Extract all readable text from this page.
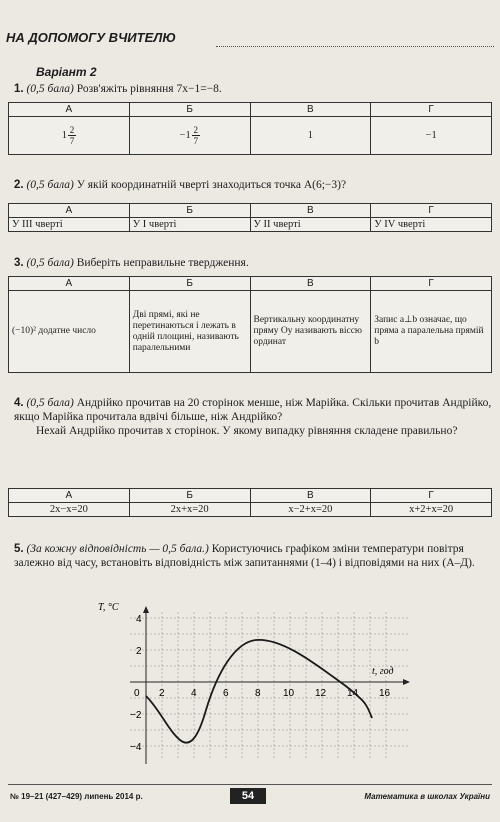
НА ДОПОМОГУ ВЧИТЕЛЮ
Варіант 2
1. (0,5 бала) Розв'яжіть рівняння 7x−1=−8.
А	Б	В	Г

$1 \frac{2}{7}$	$-1 \frac{2}{7}$	1	−1
2. (0,5 бала) У якій координатній чверті знаходиться точка A(6;−3)?
А	Б	В	Г
У III чверті	У I чверті	У II чверті	У IV чверті
3. (0,5 бала) Виберіть неправильне твердження.
А	Б	В	Г
(−10)² додатне число	Дві прямі, які не перетинаються і лежать в одній площині, називають паралельними	Вертикальну координатну пряму Oy називають віссю ординат	Запис a⊥b означає, що пряма a паралельна прямій b
4. (0,5 бала) Андрійко прочитав на 20 сторінок менше, ніж Марійка. Скільки прочитав Андрійко, якщо Марійка прочитала вдвічі більше, ніж Андрійко?
Нехай Андрійко прочитав x сторінок. У якому випадку рівняння складене правильно?
А	Б	В	Г
2x−x=20	2x+x=20	x−2+x=20	x+2+x=20
5. (За кожну відповідність — 0,5 бала.) Користуючись графіком зміни температури повітря залежно від часу, встановіть відповідність між запитаннями (1–4) і відповідями на них (А–Д).
T, °C
t, год
0 2	4	6	8 10 12 14 16
4
2
−2
−4
№ 19–21 (427–429) липень 2014 р.	Математика в школах України
54
